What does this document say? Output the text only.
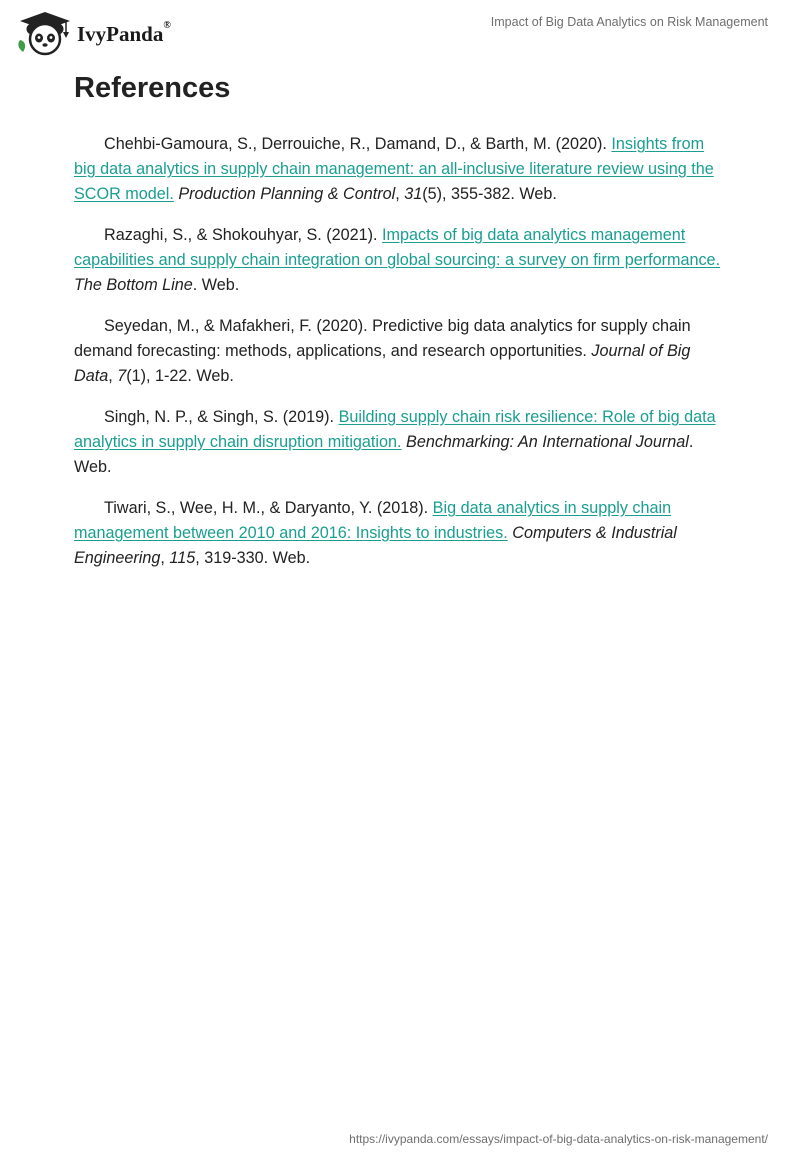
IvyPanda®	Impact of Big Data Analytics on Risk Management
References

Chehbi-Gamoura, S., Derrouiche, R., Damand, D., & Barth, M. (2020). Insights from big data analytics in supply chain management: an all-inclusive literature review using the SCOR model. Production Planning & Control, 31(5), 355-382. Web.

Razaghi, S., & Shokouhyar, S. (2021). Impacts of big data analytics management capabilities and supply chain integration on global sourcing: a survey on firm performance. The Bottom Line. Web.

Seyedan, M., & Mafakheri, F. (2020). Predictive big data analytics for supply chain demand forecasting: methods, applications, and research opportunities. Journal of Big Data, 7(1), 1-22. Web.

Singh, N. P., & Singh, S. (2019). Building supply chain risk resilience: Role of big data analytics in supply chain disruption mitigation. Benchmarking: An International Journal. Web.

Tiwari, S., Wee, H. M., & Daryanto, Y. (2018). Big data analytics in supply chain management between 2010 and 2016: Insights to industries. Computers & Industrial Engineering, 115, 319-330. Web.

https://ivypanda.com/essays/impact-of-big-data-analytics-on-risk-management/
